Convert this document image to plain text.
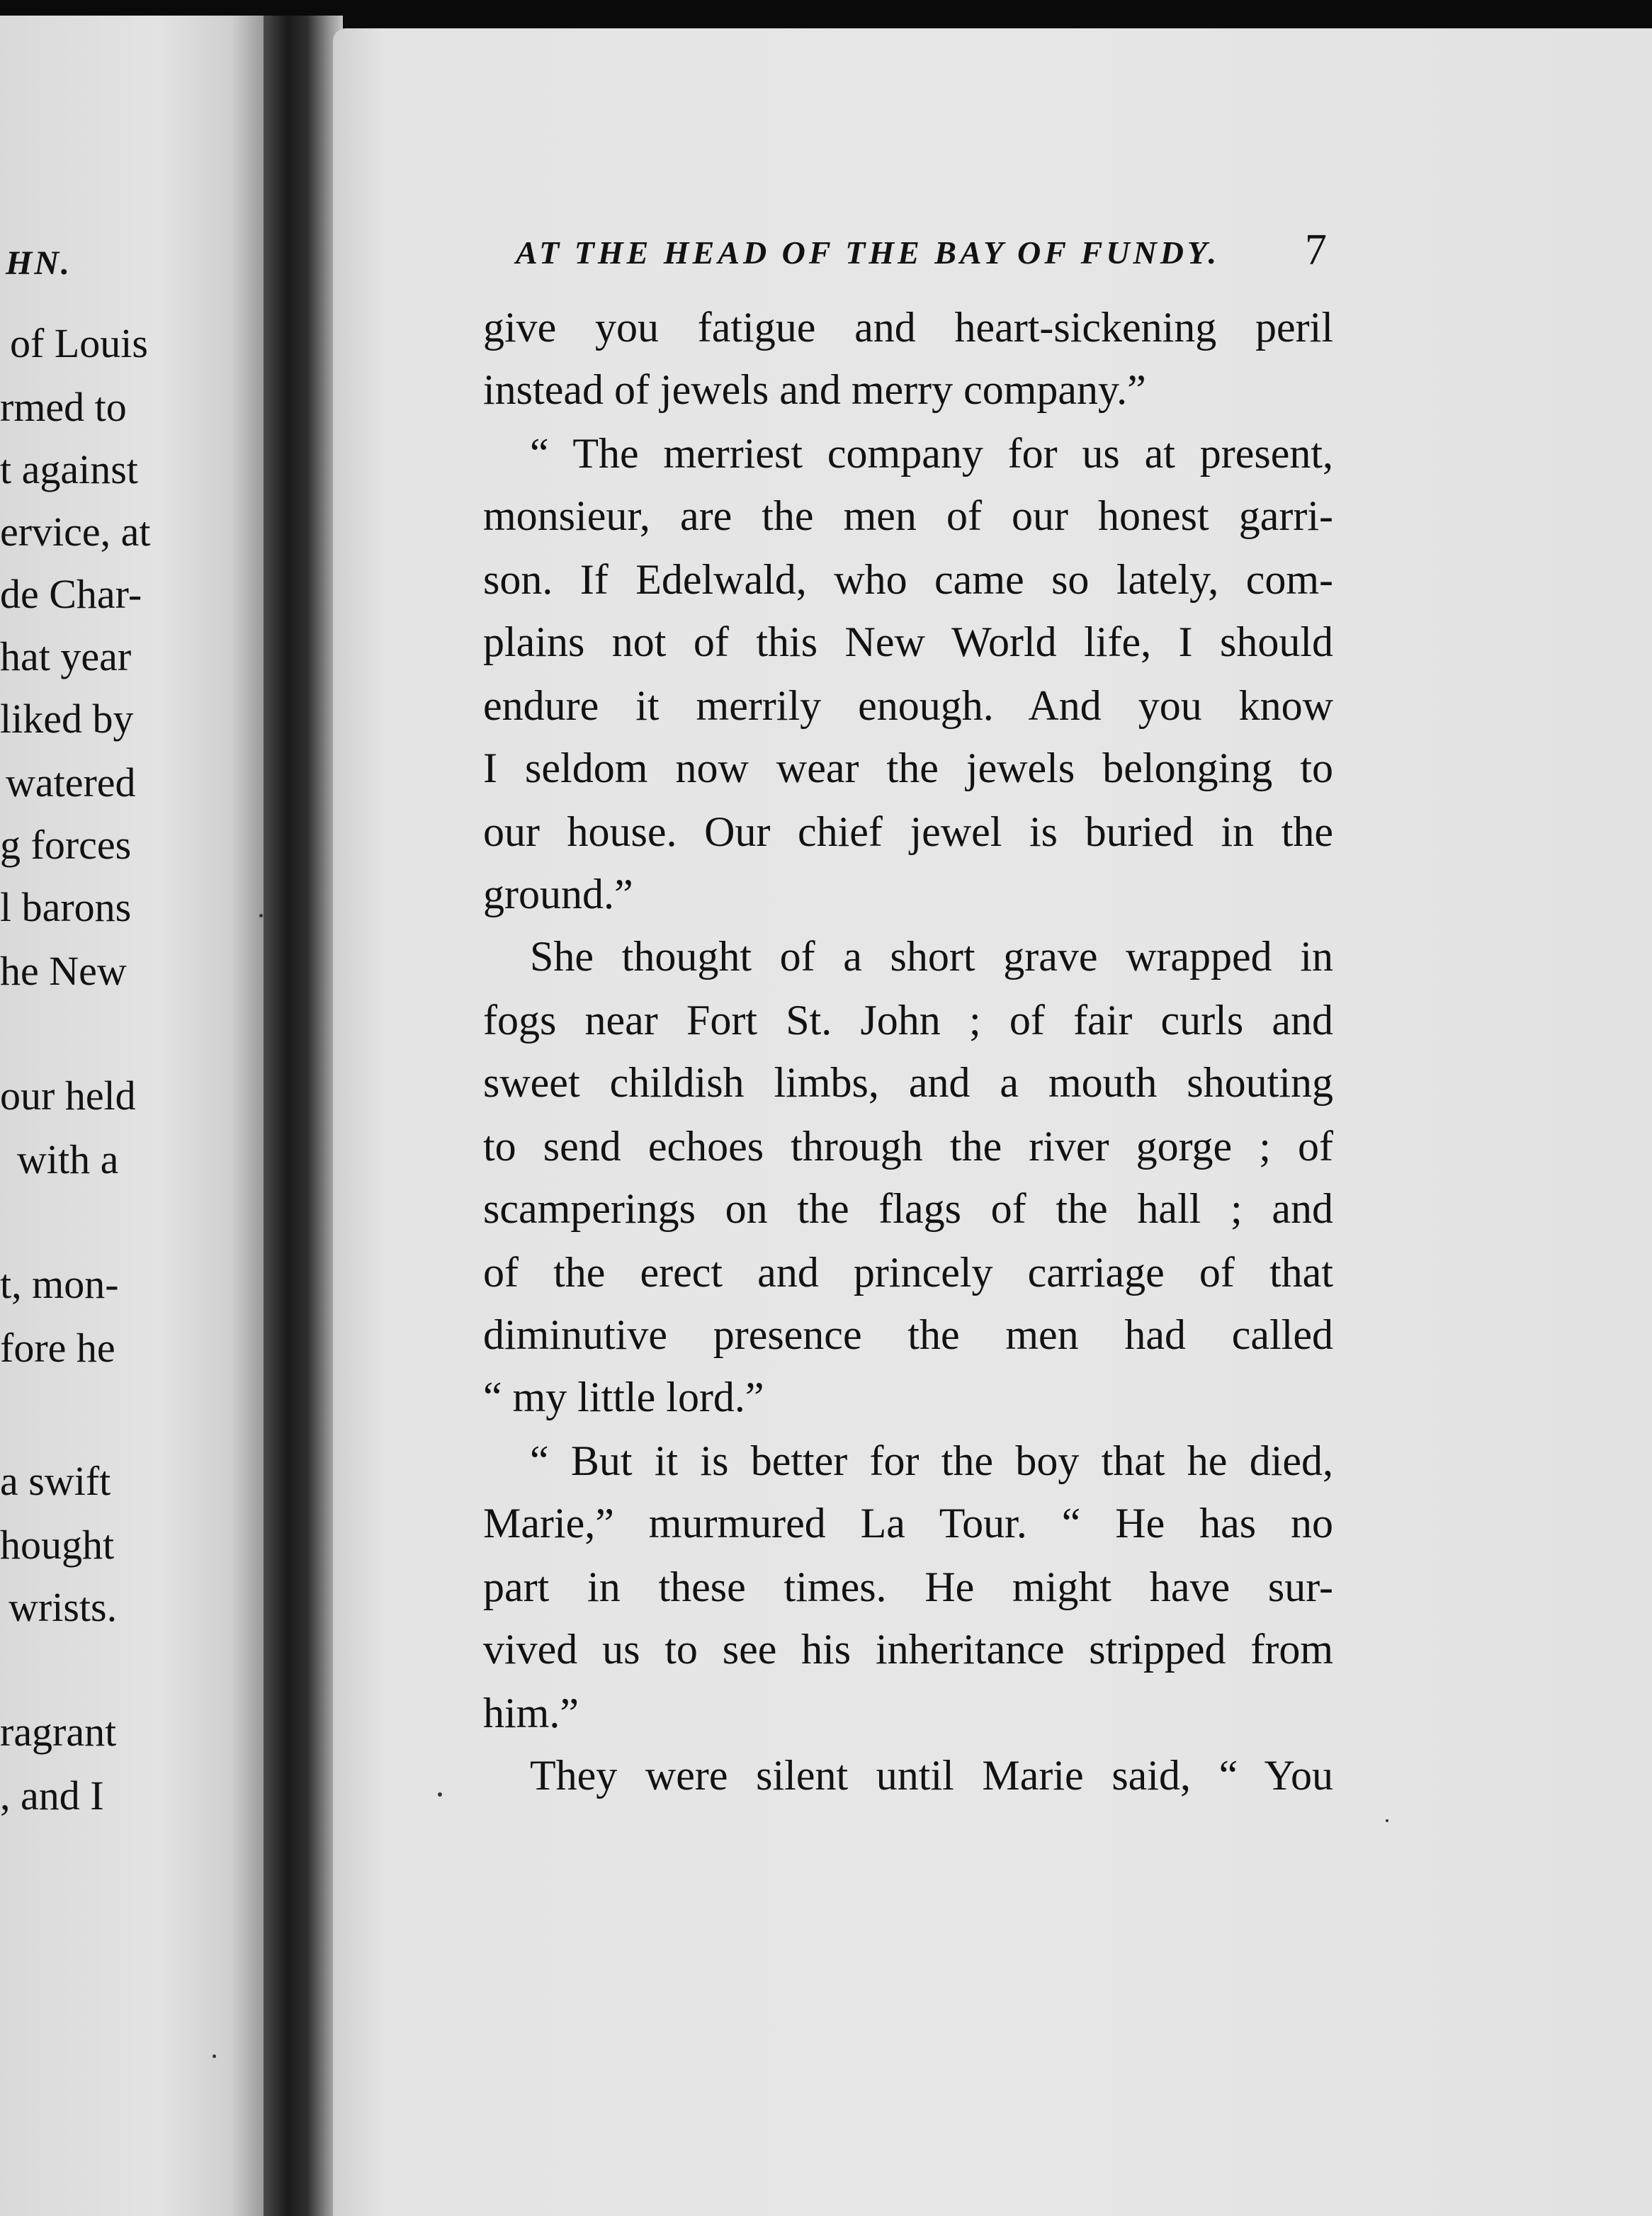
HN.
of Louis
rmed to
t against
ervice, at
de Char-
hat year
liked by
watered
g forces
l barons
he New
our held
with a
t, mon-
fore he
a swift
hought
wrists.
ragrant
, and I
AT THE HEAD OF THE BAY OF FUNDY.	7
give you fatigue and heart-sickening peril
instead of jewels and merry company.”
“ The merriest company for us at present,
monsieur, are the men of our honest garri-
son. If Edelwald, who came so lately, com-
plains not of this New World life, I should
endure it merrily enough. And you know
I seldom now wear the jewels belonging to
our house. Our chief jewel is buried in the
ground.”
She thought of a short grave wrapped in
fogs near Fort St. John ; of fair curls and
sweet childish limbs, and a mouth shouting
to send echoes through the river gorge ; of
scamperings on the flags of the hall ; and
of the erect and princely carriage of that
diminutive presence the men had called
“ my little lord.”
“ But it is better for the boy that he died,
Marie,” murmured La Tour. “ He has no
part in these times. He might have sur-
vived us to see his inheritance stripped from
him.”
They were silent until Marie said, “ You
